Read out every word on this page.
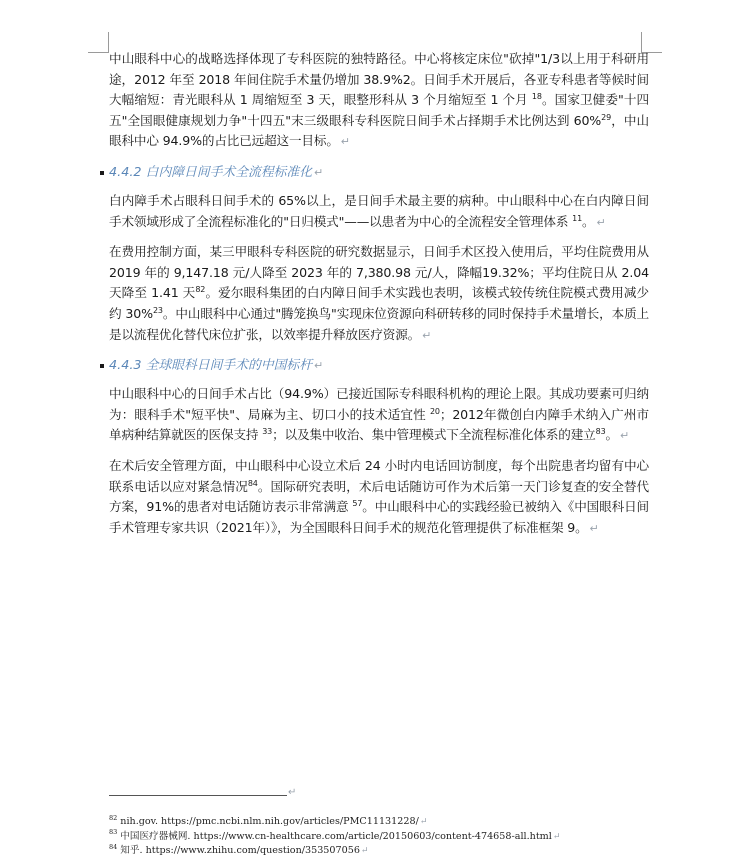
中山眼科中心的战略选择体现了专科医院的独特路径。中心将核定床位"砍掉"1/3以上用于科研用途，2012 年至 2018 年间住院手术量仍增加 38.9%2。日间手术开展后，各亚专科患者等候时间大幅缩短：青光眼科从 1 周缩短至 3 天，眼整形科从 3 个月缩短至 1 个月 $^{18}$。国家卫健委"十四五"全国眼健康规划力争"十四五"末三级眼科专科医院日间手术占择期手术比例达到 60%$^{29}$，中山眼科中心 94.9%的占比已远超这一目标。 ↵

4.4.2 白内障日间手术全流程标准化 ↵

白内障手术占眼科日间手术的 65%以上，是日间手术最主要的病种。中山眼科中心在白内障日间手术领域形成了全流程标准化的"日归模式"——以患者为中心的全流程安全管理体系 $^{11}$。 ↵

在费用控制方面，某三甲眼科专科医院的研究数据显示，日间手术区投入使用后，平均住院费用从 2019 年的 9,147.18 元/人降至 2023 年的 7,380.98 元/人，降幅19.32%；平均住院日从 2.04 天降至 1.41 天$^{82}$。爱尔眼科集团的白内障日间手术实践也表明，该模式较传统住院模式费用减少约 30%$^{23}$。中山眼科中心通过"腾笼换鸟"实现床位资源向科研转移的同时保持手术量增长，本质上是以流程优化替代床位扩张，以效率提升释放医疗资源。 ↵

4.4.3 全球眼科日间手术的中国标杆 ↵

中山眼科中心的日间手术占比（94.9%）已接近国际专科眼科机构的理论上限。其成功要素可归纳为：眼科手术"短平快"、局麻为主、切口小的技术适宜性 $^{20}$；2012年微创白内障手术纳入广州市单病种结算就医的医保支持 $^{33}$；以及集中收治、集中管理模式下全流程标准化体系的建立$^{83}$。 ↵

在术后安全管理方面，中山眼科中心设立术后 24 小时内电话回访制度，每个出院患者均留有中心联系电话以应对紧急情况$^{84}$。国际研究表明，术后电话随访可作为术后第一天门诊复查的安全替代方案，91%的患者对电话随访表示非常满意 $^{57}$。中山眼科中心的实践经验已被纳入《中国眼科日间手术管理专家共识（2021年）》，为全国眼科日间手术的规范化管理提供了标准框架 9。 ↵

↵
$^{82}$ nih.gov. https://pmc.ncbi.nlm.nih.gov/articles/PMC11131228/↵
$^{83}$ 中国医疗器械网. https://www.cn-healthcare.com/article/20150603/content-474658-all.html↵
$^{84}$ 知乎. https://www.zhihu.com/question/353507056↵
